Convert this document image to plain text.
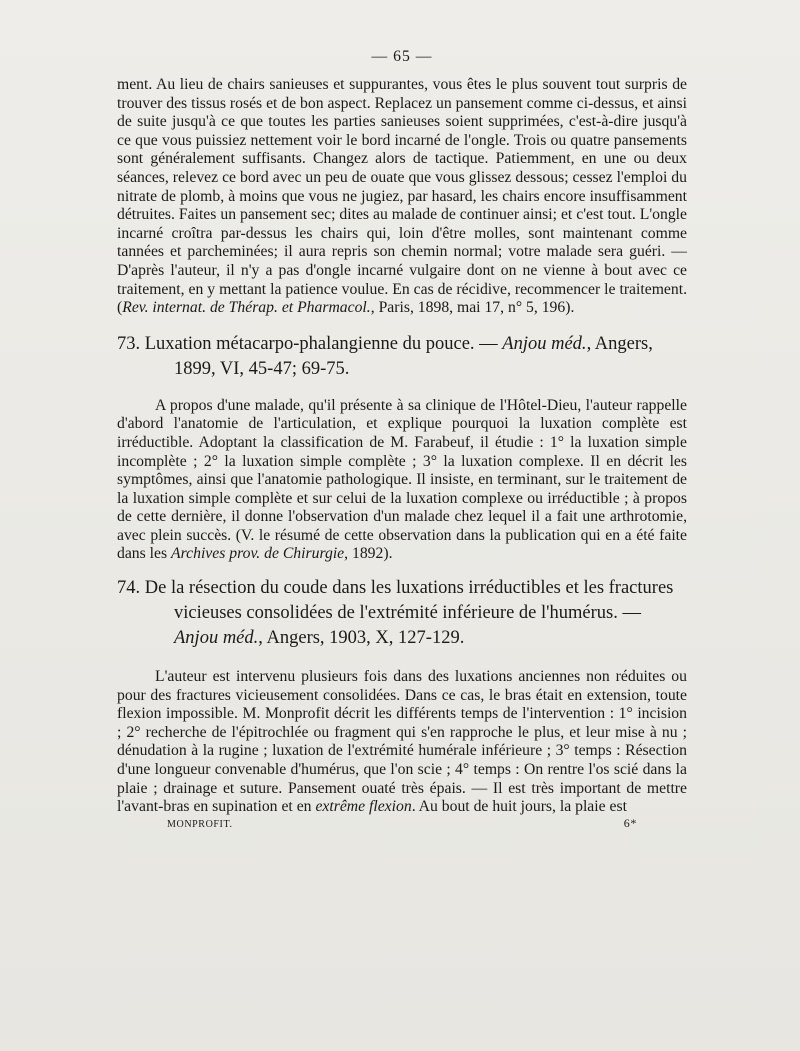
— 65 —

ment. Au lieu de chairs sanieuses et suppurantes, vous êtes le plus souvent tout surpris de trouver des tissus rosés et de bon aspect. Replacez un pansement comme ci-dessus, et ainsi de suite jusqu'à ce que toutes les parties sanieuses soient supprimées, c'est-à-dire jusqu'à ce que vous puissiez nettement voir le bord incarné de l'ongle. Trois ou quatre pansements sont généralement suffisants. Changez alors de tactique. Patiemment, en une ou deux séances, relevez ce bord avec un peu de ouate que vous glissez dessous; cessez l'emploi du nitrate de plomb, à moins que vous ne jugiez, par hasard, les chairs encore insuffisamment détruites. Faites un pansement sec; dites au malade de continuer ainsi; et c'est tout. L'ongle incarné croîtra par-dessus les chairs qui, loin d'être molles, sont maintenant comme tannées et parcheminées; il aura repris son chemin normal; votre malade sera guéri. — D'après l'auteur, il n'y a pas d'ongle incarné vulgaire dont on ne vienne à bout avec ce traitement, en y mettant la patience voulue. En cas de récidive, recommencer le traitement. (Rev. internat. de Thérap. et Pharmacol., Paris, 1898, mai 17, n° 5, 196).

73. Luxation métacarpo-phalangienne du pouce. — Anjou méd., Angers, 1899, VI, 45-47; 69-75.

A propos d'une malade, qu'il présente à sa clinique de l'Hôtel-Dieu, l'auteur rappelle d'abord l'anatomie de l'articulation, et explique pourquoi la luxation complète est irréductible. Adoptant la classification de M. Farabeuf, il étudie : 1° la luxation simple incomplète ; 2° la luxation simple complète ; 3° la luxation complexe. Il en décrit les symptômes, ainsi que l'anatomie pathologique. Il insiste, en terminant, sur le traitement de la luxation simple complète et sur celui de la luxation complexe ou irréductible ; à propos de cette dernière, il donne l'observation d'un malade chez lequel il a fait une arthrotomie, avec plein succès. (V. le résumé de cette observation dans la publication qui en a été faite dans les Archives prov. de Chirurgie, 1892).

74. De la résection du coude dans les luxations irréductibles et les fractures vicieuses consolidées de l'extrémité inférieure de l'humérus. — Anjou méd., Angers, 1903, X, 127-129.

L'auteur est intervenu plusieurs fois dans des luxations anciennes non réduites ou pour des fractures vicieusement consolidées. Dans ce cas, le bras était en extension, toute flexion impossible. M. Monprofit décrit les différents temps de l'intervention : 1° incision ; 2° recherche de l'épitrochlée ou fragment qui s'en rapproche le plus, et leur mise à nu ; dénudation à la rugine ; luxation de l'extrémité humérale inférieure ; 3° temps : Résection d'une longueur convenable d'humérus, que l'on scie ; 4° temps : On rentre l'os scié dans la plaie ; drainage et suture. Pansement ouaté très épais. — Il est très important de mettre l'avant-bras en supination et en extrême flexion. Au bout de huit jours, la plaie est

MONPROFIT.	6*
